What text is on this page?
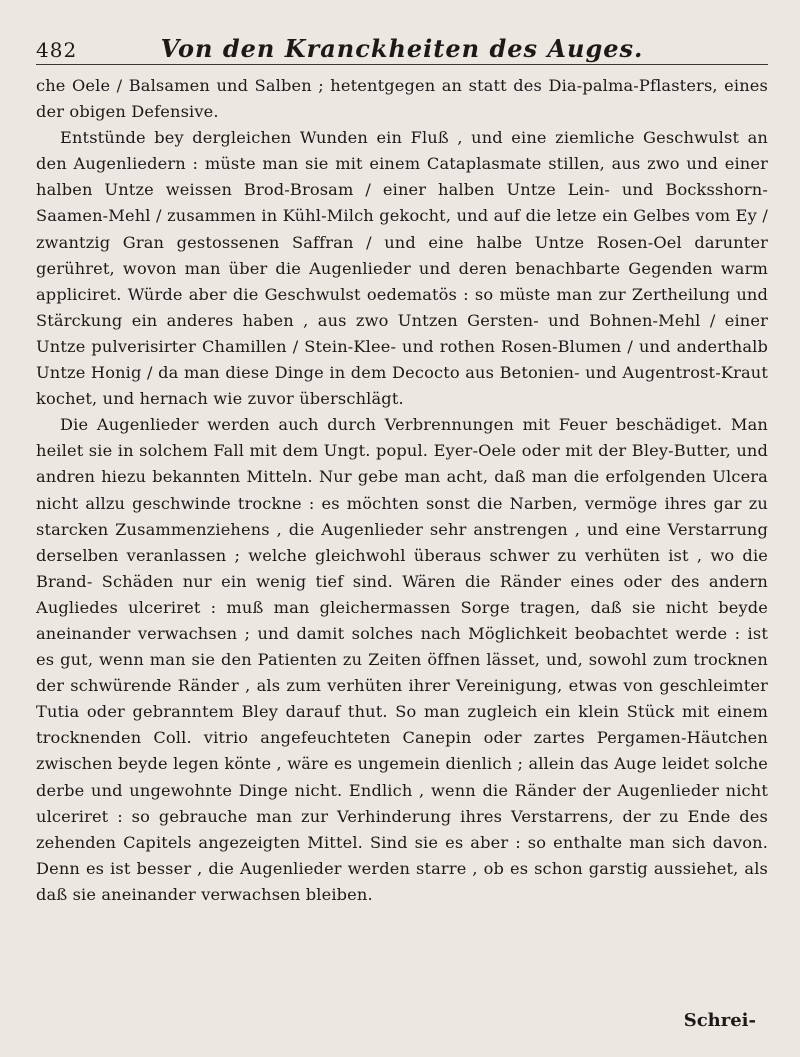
482	Von den Kranckheiten des Auges.

che Oele / Balsamen und Salben ; hetentgegen an statt des Dia-palma-Pflasters, eines der obigen Defensive.

Entstünde bey dergleichen Wunden ein Fluß , und eine ziemliche Geschwulst an den Augenliedern : müste man sie mit einem Cataplasmate stillen, aus zwo und einer halben Untze weissen Brod-Brosam / einer halben Untze Lein- und Bocksshorn-Saamen-Mehl / zusammen in Kühl-Milch gekocht, und auf die letze ein Gelbes vom Ey / zwantzig Gran gestossenen Saffran / und eine halbe Untze Rosen-Oel darunter gerühret, wovon man über die Augenlieder und deren benachbarte Gegenden warm appliciret. Würde aber die Geschwulst oedematös : so müste man zur Zertheilung und Stärckung ein anderes haben , aus zwo Untzen Gersten- und Bohnen-Mehl / einer Untze pulverisirter Chamillen / Stein-Klee- und rothen Rosen-Blumen / und anderthalb Untze Honig / da man diese Dinge in dem Decocto aus Betonien- und Augentrost-Kraut kochet, und hernach wie zuvor überschlägt.

Die Augenlieder werden auch durch Verbrennungen mit Feuer beschädiget. Man heilet sie in solchem Fall mit dem Ungt. popul. Eyer-Oele oder mit der Bley-Butter, und andren hiezu bekannten Mitteln. Nur gebe man acht, daß man die erfolgenden Ulcera nicht allzu geschwinde trockne : es möchten sonst die Narben, vermöge ihres gar zu starcken Zusammenziehens , die Augenlieder sehr anstrengen , und eine Verstarrung derselben veranlassen ; welche gleichwohl überaus schwer zu verhüten ist , wo die Brand- Schäden nur ein wenig tief sind. Wären die Ränder eines oder des andern Augliedes ulceriret : muß man gleichermassen Sorge tragen, daß sie nicht beyde aneinander verwachsen ; und damit solches nach Möglichkeit beobachtet werde : ist es gut, wenn man sie den Patienten zu Zeiten öffnen lässet, und, sowohl zum trocknen der schwürende Ränder , als zum verhüten ihrer Vereinigung, etwas von geschleimter Tutia oder gebranntem Bley darauf thut. So man zugleich ein klein Stück mit einem trocknenden Coll. vitrio angefeuchteten Canepin oder zartes Pergamen-Häutchen zwischen beyde legen könte , wäre es ungemein dienlich ; allein das Auge leidet solche derbe und ungewohnte Dinge nicht. Endlich , wenn die Ränder der Augenlieder nicht ulceriret : so gebrauche man zur Verhinderung ihres Verstarrens, der zu Ende des zehenden Capitels angezeigten Mittel. Sind sie es aber : so enthalte man sich davon. Denn es ist besser , die Augenlieder werden starre , ob es schon garstig aussiehet, als daß sie aneinander verwachsen bleiben.

Schrei-
